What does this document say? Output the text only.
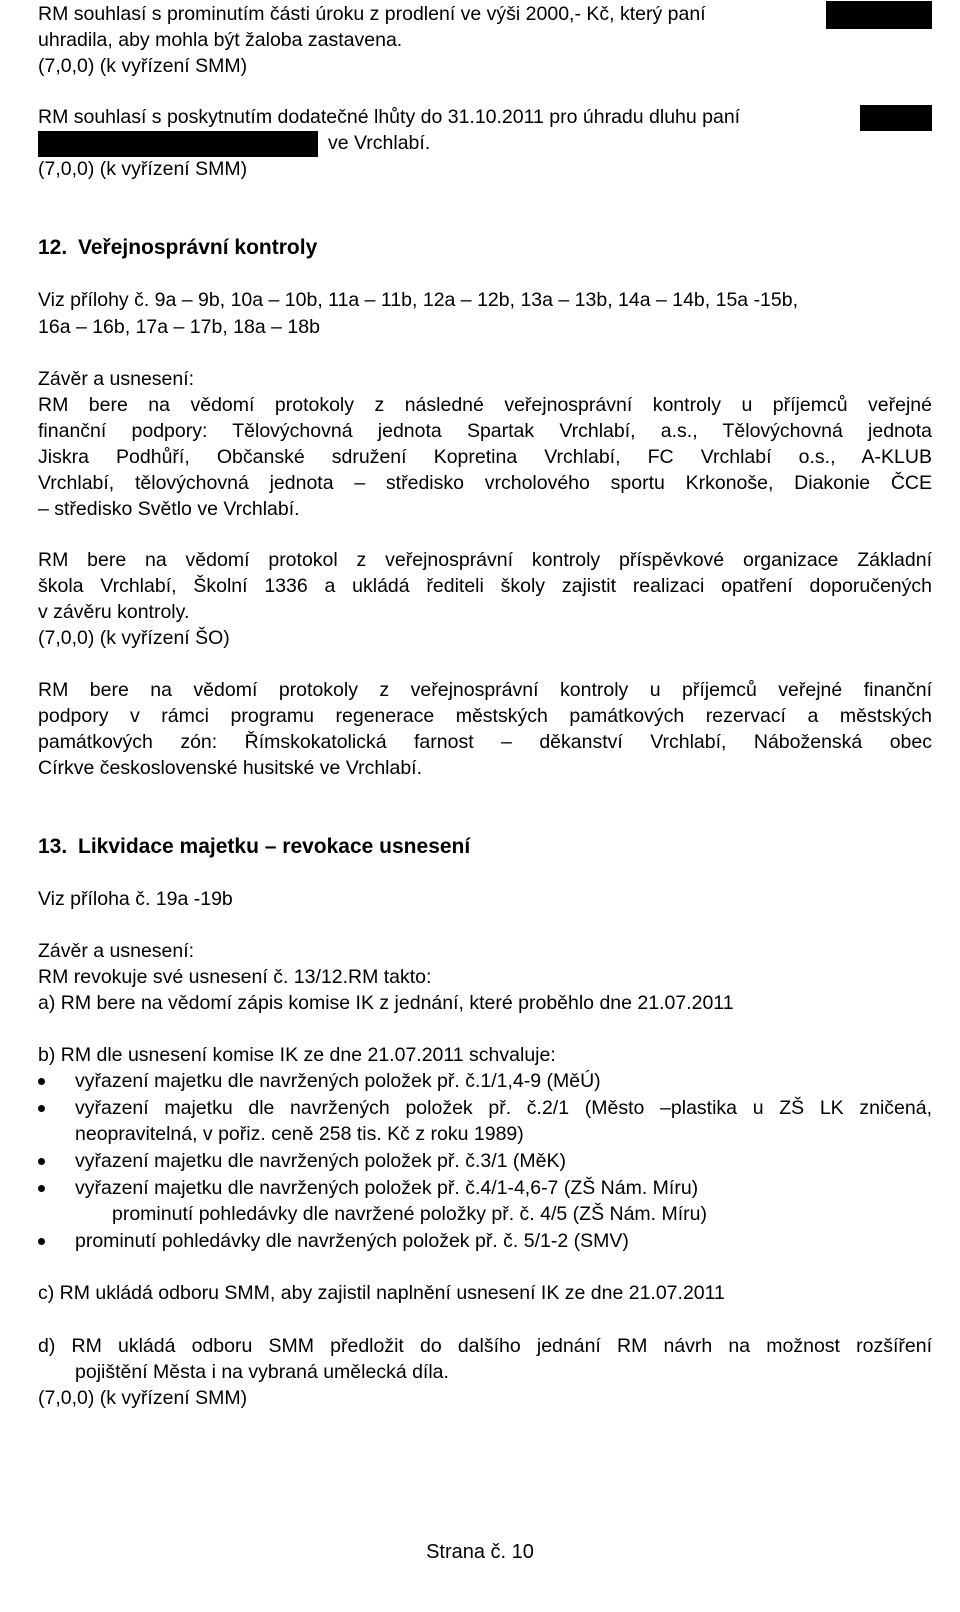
RM souhlasí s prominutím části úroku z prodlení ve výši 2000,- Kč, který paní
uhradila, aby mohla být žaloba zastavena.
(7,0,0) (k vyřízení SMM)
RM souhlasí s poskytnutím dodatečné lhůty do 31.10.2011 pro úhradu dluhu paní
ve Vrchlabí.
(7,0,0) (k vyřízení SMM)
12. Veřejnosprávní kontroly
Viz přílohy č. 9a – 9b, 10a – 10b, 11a – 11b, 12a – 12b, 13a – 13b, 14a – 14b, 15a -15b,
16a – 16b, 17a – 17b, 18a – 18b
Závěr a usnesení:
RM bere na vědomí protokoly z následné veřejnosprávní kontroly u příjemců veřejné
finanční podpory: Tělovýchovná jednota Spartak Vrchlabí, a.s., Tělovýchovná jednota
Jiskra Podhůří, Občanské sdružení Kopretina Vrchlabí, FC Vrchlabí o.s., A-KLUB
Vrchlabí, tělovýchovná jednota – středisko vrcholového sportu Krkonoše, Diakonie ČCE
– středisko Světlo ve Vrchlabí.
RM bere na vědomí protokol z veřejnosprávní kontroly příspěvkové organizace Základní
škola Vrchlabí, Školní 1336 a ukládá řediteli školy zajistit realizaci opatření doporučených
v závěru kontroly.
(7,0,0) (k vyřízení ŠO)
RM bere na vědomí protokoly z veřejnosprávní kontroly u příjemců veřejné finanční
podpory v rámci programu regenerace městských památkových rezervací a městských
památkových zón: Římskokatolická farnost – děkanství Vrchlabí, Náboženská obec
Církve československé husitské ve Vrchlabí.
13. Likvidace majetku – revokace usnesení
Viz příloha č. 19a -19b
Závěr a usnesení:
RM revokuje své usnesení č. 13/12.RM takto:
a) RM bere na vědomí zápis komise IK z jednání, které proběhlo dne 21.07.2011
b) RM dle usnesení komise IK ze dne 21.07.2011 schvaluje:
vyřazení majetku dle navržených položek př. č.1/1,4-9 (MěÚ)
vyřazení majetku dle navržených položek př. č.2/1 (Město –plastika u ZŠ LK zničená,
neopravitelná, v pořiz. ceně 258 tis. Kč z roku 1989)
vyřazení majetku dle navržených položek př. č.3/1 (MěK)
vyřazení majetku dle navržených položek př. č.4/1-4,6-7 (ZŠ Nám. Míru)
prominutí pohledávky dle navržené položky př. č. 4/5 (ZŠ Nám. Míru)
prominutí pohledávky dle navržených položek př. č. 5/1-2 (SMV)
c) RM ukládá odboru SMM, aby zajistil naplnění usnesení IK ze dne 21.07.2011
d) RM ukládá odboru SMM předložit do dalšího jednání RM návrh na možnost rozšíření
pojištění Města i na vybraná umělecká díla.
(7,0,0) (k vyřízení SMM)
Strana č. 10
